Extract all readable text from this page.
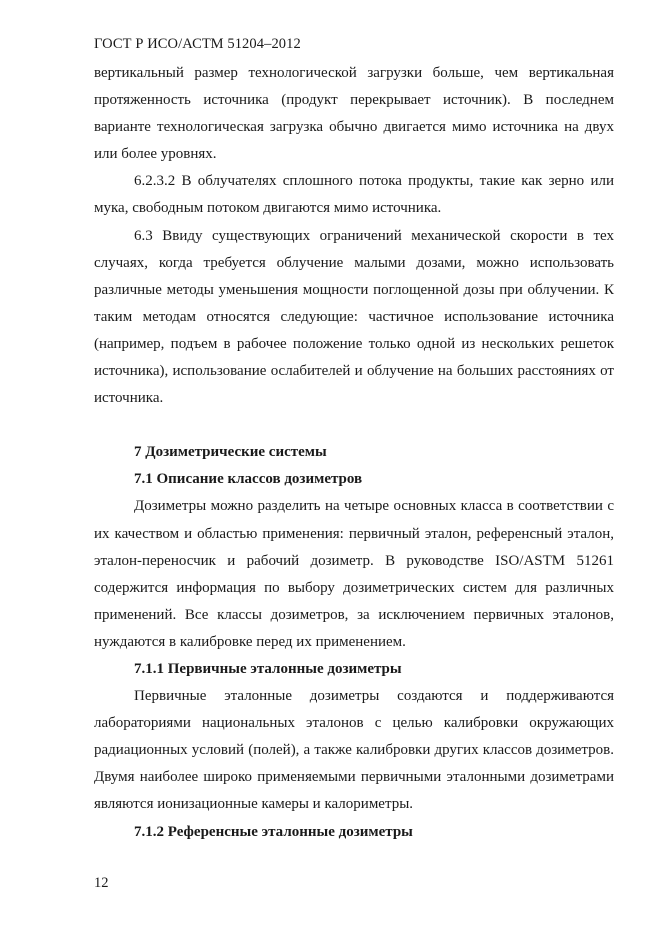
ГОСТ Р ИСО/АСТМ 51204–2012

вертикальный размер технологической загрузки больше, чем вертикальная протяженность источника (продукт перекрывает источник). В последнем варианте технологическая загрузка обычно двигается мимо источника на двух или более уровнях.

6.2.3.2 В облучателях сплошного потока продукты, такие как зерно или мука, свободным потоком двигаются мимо источника.

6.3 Ввиду существующих ограничений механической скорости в тех случаях, когда требуется облучение малыми дозами, можно использовать различные методы уменьшения мощности поглощенной дозы при облучении. К таким методам относятся следующие: частичное использование источника (например, подъем в рабочее положение только одной из нескольких решеток источника), использование ослабителей и облучение на больших расстояниях от источника.

7 Дозиметрические системы

7.1 Описание классов дозиметров

Дозиметры можно разделить на четыре основных класса в соответствии с их качеством и областью применения: первичный эталон, референсный эталон, эталон-переносчик и рабочий дозиметр. В руководстве ISO/ASTM 51261 содержится информация по выбору дозиметрических систем для различных применений. Все классы дозиметров, за исключением первичных эталонов, нуждаются в калибровке перед их применением.

7.1.1 Первичные эталонные дозиметры

Первичные эталонные дозиметры создаются и поддерживаются лабораториями национальных эталонов с целью калибровки окружающих радиационных условий (полей), а также калибровки других классов дозиметров. Двумя наиболее широко применяемыми первичными эталонными дозиметрами являются ионизационные камеры и калориметры.

7.1.2 Референсные эталонные дозиметры

12
